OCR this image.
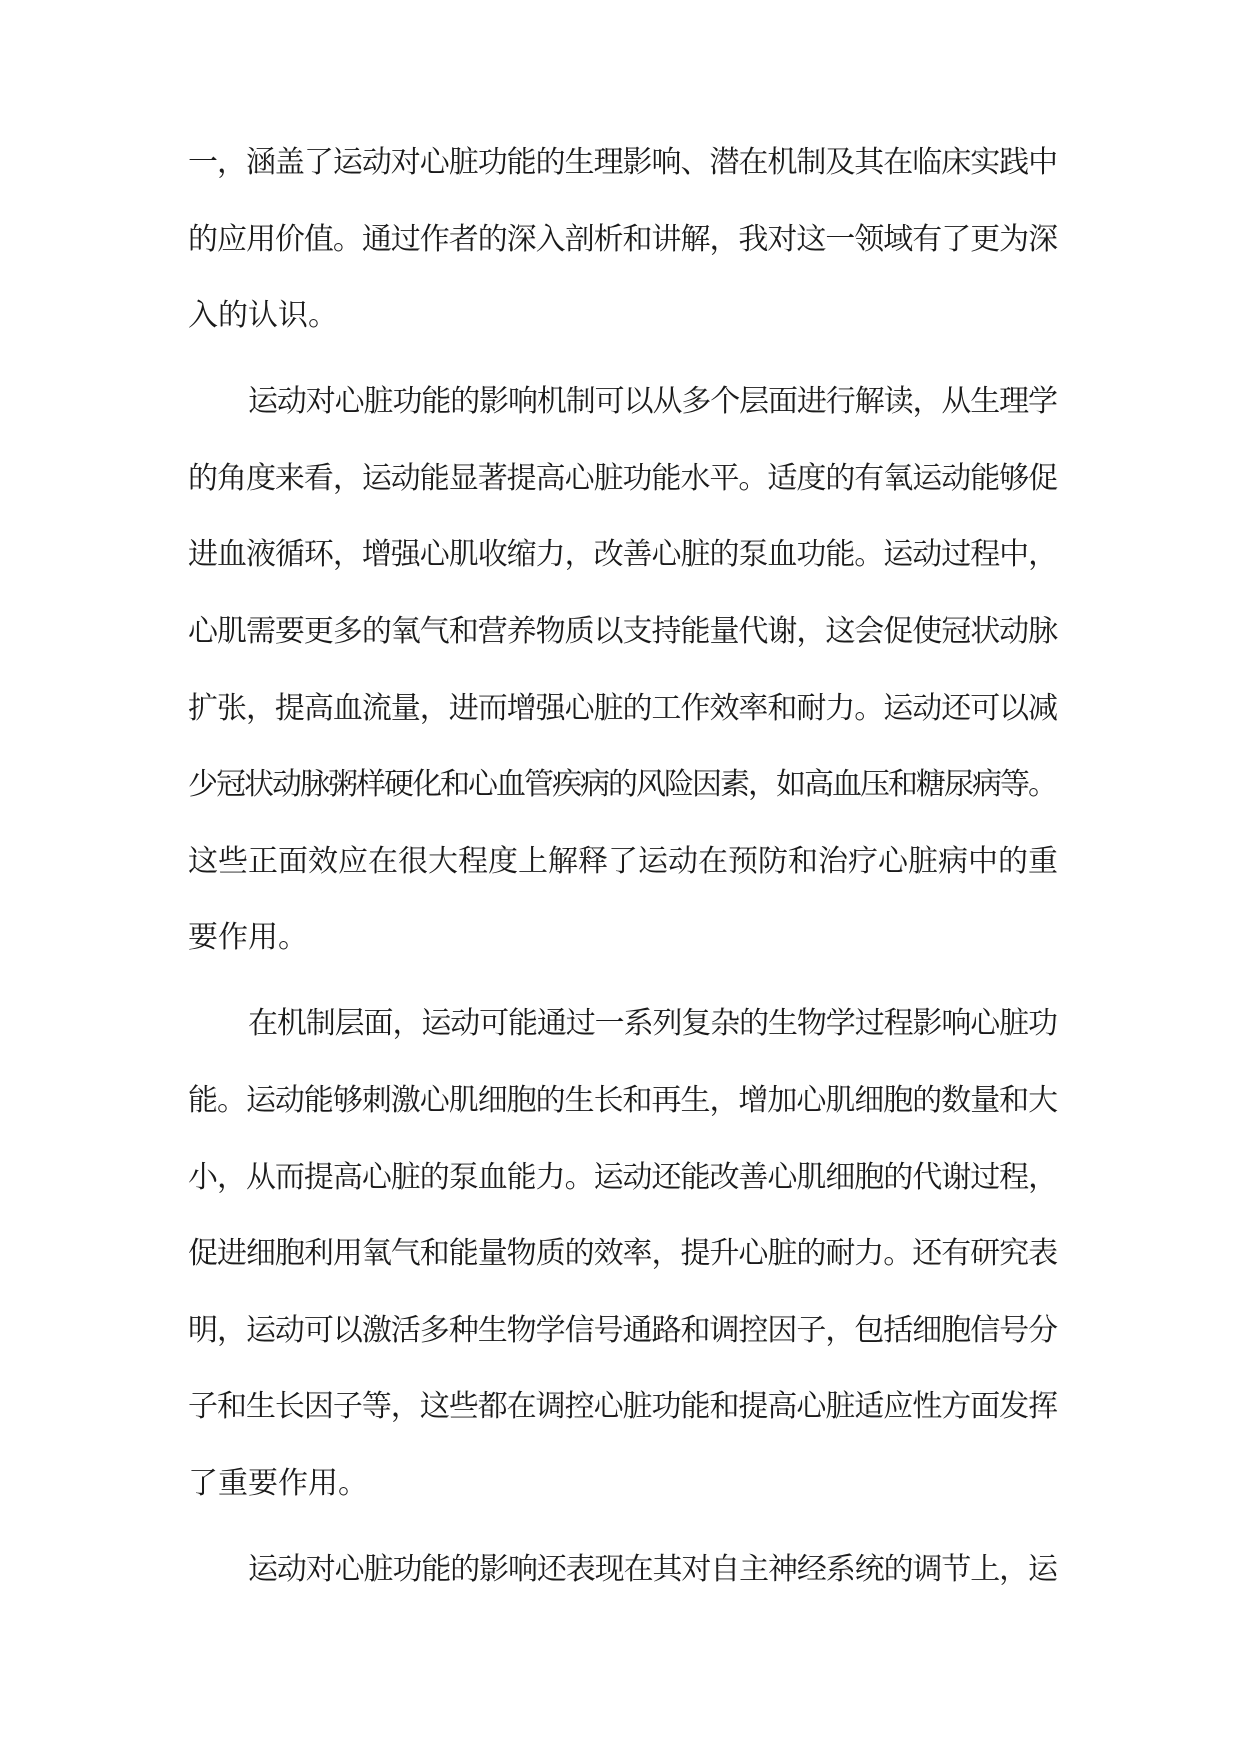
一，涵盖了运动对心脏功能的生理影响、潜在机制及其在临床实践中
的应用价值。通过作者的深入剖析和讲解，我对这一领域有了更为深
入的认识。
运动对心脏功能的影响机制可以从多个层面进行解读，从生理学
的角度来看，运动能显著提高心脏功能水平。适度的有氧运动能够促
进血液循环，增强心肌收缩力，改善心脏的泵血功能。运动过程中，
心肌需要更多的氧气和营养物质以支持能量代谢，这会促使冠状动脉
扩张，提高血流量，进而增强心脏的工作效率和耐力。运动还可以减
少冠状动脉粥样硬化和心血管疾病的风险因素，如高血压和糖尿病等。
这些正面效应在很大程度上解释了运动在预防和治疗心脏病中的重
要作用。
在机制层面，运动可能通过一系列复杂的生物学过程影响心脏功
能。运动能够刺激心肌细胞的生长和再生，增加心肌细胞的数量和大
小，从而提高心脏的泵血能力。运动还能改善心肌细胞的代谢过程，
促进细胞利用氧气和能量物质的效率，提升心脏的耐力。还有研究表
明，运动可以激活多种生物学信号通路和调控因子，包括细胞信号分
子和生长因子等，这些都在调控心脏功能和提高心脏适应性方面发挥
了重要作用。
运动对心脏功能的影响还表现在其对自主神经系统的调节上，运
